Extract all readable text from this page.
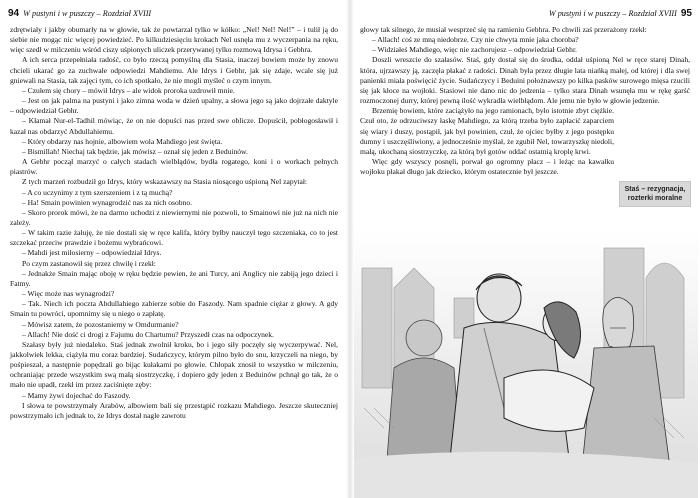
94 W pustyni i w puszczy – Rozdział XVIII

zdrętwiały i jakby obumarły na w głowie, tak że powtarzał tylko w kółko: „Nel! Nel! Nel!” – i tulił ją do siebie nie mogąc nic więcej powiedzieć. Po kilkudziesięciu krokach Nel usnęła mu z wyczerpania na ręku, więc szedł w milczeniu wśród ciszy uśpionych uliczek przerywanej tylko rozmową Idrysa i Gebhra.

A ich serca przepełniała radość, co było rzeczą pomyślną dla Stasia, inaczej bowiem może by znowu chcieli ukarać go za zuchwałe odpowiedzi Mahdiemu. Ale Idrys i Gebhr, jak się zdaje, wcale się już gniewali na Stasia, tak zajęci tym, co ich spotkało, że nie mogli myśleć o czym innym.

– Czułem się chory – mówił Idrys – ale widok proroka uzdrowił mnie.

– Jest on jak palma na pustyni i jako zimna woda w dzień upalny, a słowa jego są jako dojrzałe daktyle – odpowiedział Gebhr.

– Kłamał Nur-el-Tadhil mówiąc, że on nie dopuści nas przed swe oblicze. Dopuścił, pobłogosławił i kazał nas obdarzyć Abdullahiemu.

– Który obdarzy nas hojnie, albowiem wola Mahdiego jest święta.

– Bismillah! Niechaj tak będzie, jak mówisz – oznał się jeden z Beduinów.

A Gebhr począł marzyć o całych stadach wielbłądów, bydła rogatego, koni i o workach pełnych piastrów.

Z tych marzeń rozbudził go Idrys, który wskazawszy na Stasia niosącego uśpioną Nel zapytał:

– A co uczynimy z tym szerszeniem i z tą muchą?

– Ha! Smain powinien wynagrodzić nas za nich osobno.

– Skoro prorok mówi, że na darmo uchodzi z niewiernymi nie pozwoli, to Smainowi nie już na nich nie zależy.

– W takim razie żałuję, że nie dostali się w ręce kalifa, który byłby nauczył tego szczeniaka, co to jest szczekać przeciw prawdzie i bożemu wybrańcowi.

– Mahdi jest miłosierny – odpowiedział Idrys.

Po czym zastanowił się przez chwilę i rzekł:

– Jednakże Smain mając oboję w ręku będzie pewien, że ani Turcy, ani Anglicy nie zabiją jego dzieci i Fatmy.

– Więc może nas wynagrodzi?

– Tak. Niech ich poczta Abdullahiego zabierze sobie do Faszody. Nam spadnie ciężar z głowy. A gdy Smain tu powróci, upomnimy się u niego o zapłatę.

– Mówisz zatem, że pozostaniemy w Omdurmanie?

– Allach! Nie dość ci drogi z Fajumu do Chartumu? Przyszedł czas na odpoczynek.

Szałasy były już niedaleko. Staś jednak zwolnił kroku, bo i jego siły poczęły się wyczerpywać. Nel, jakkolwiek lekka, ciążyła mu coraz bardziej. Sudańczycy, którym pilno było do snu, krzyczeli na niego, by pośpieszał, a następnie popędzali go bijąc kułakami po głowie. Chłopak znosił to wszystko w milczeniu, ochraniając przede wszystkim swą małą siostrzyczkę, i dopiero gdy jeden z Beduinów pchnął go tak, że o mało nie upadł, rzekł im przez zaciśnięte zęby:

– Mamy żywi dojechać do Faszody.

I słowa te powstrzymały Arabów, albowiem bali się przestąpić rozkazu Mahdiego. Jeszcze skuteczniej powstrzymało ich jednak to, że Idrys dostał nagle zawrotu

W pustyni i w puszczy – Rozdział XVIII 95

głowy tak silnego, że musiał wesprzeć się na ramieniu Gebhra. Po chwili zaś przerażony rzekł:

– Allach! coś ze mną niedobrze. Czy nie chwyta mnie jaka choroba?

– Widziałeś Mahdiego, więc nie zachorujesz – odpowiedział Gebhr.

Doszli wreszcie do szałasów. Staś, gdy dostał się do środka, oddał uśpioną Nel w ręce starej Dinah, która, ujrzawszy ją, zaczęła płakać z radości. Dinah była przez długie lata niańką małej, od której i dla swej panienki miała poświęcić życie. Sudańczycy i Beduini położnawszy po kilka pasków surowego mięsa rzucili się jak kłoce na wojłoki. Stasiowi nie dano nic do jedzenia – tylko stara Dinah wsunęła mu w rękę garść rozmoczonej durry, której pewną ilość wykradła wielbłądom. Ale jemu nie było w głowie jedzenie.

Brzemię bowiem, które zaciążyło na jego ramionach, było istotnie zbyt ciężkie. Czuł oto, że odrzuciwszy łaskę Mahdiego, za którą trzeba było zapłacić zaparciem się wiary i duszy, postąpił, jak był powinien, czuł, że ojciec byłby z jego postępku dumny i uszczęśliwiony, a jednocześnie myślał, że zgubił Nel, towarzyszkę niedoli, małą, ukochaną siostrzyczkę, za którą był gotów oddać ostatnią kroplę krwi.

Więc gdy wszyscy posnęli, porwał go ogromny płacz – i leżąc na kawałku wojłoku płakał długo jak dziecko, którym ostatecznie był jeszcze.

Staś – rezygnacja, rozterki moralne
